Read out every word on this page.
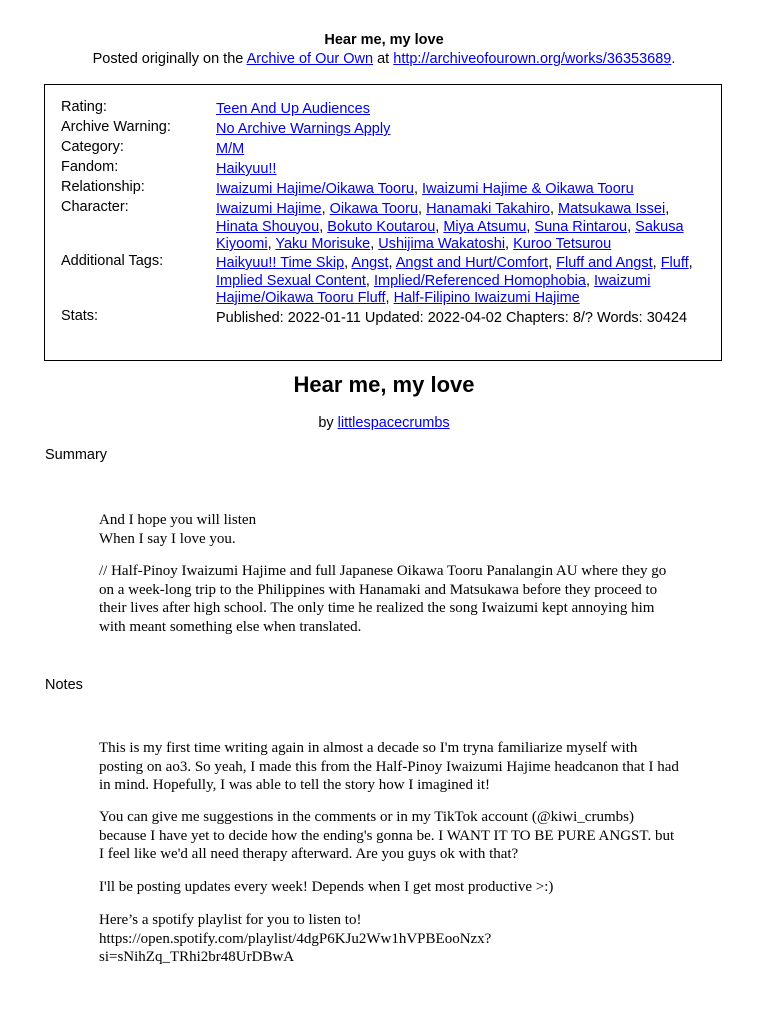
Hear me, my love
Posted originally on the Archive of Our Own at http://archiveofourown.org/works/36353689.
Rating:	Teen And Up Audiences
Archive Warning:	No Archive Warnings Apply
Category:	M/M
Fandom:	Haikyuu!!
Relationship:	Iwaizumi Hajime/Oikawa Tooru, Iwaizumi Hajime & Oikawa Tooru
Character:	Iwaizumi Hajime, Oikawa Tooru, Hanamaki Takahiro, Matsukawa Issei, Hinata Shouyou, Bokuto Koutarou, Miya Atsumu, Suna Rintarou, Sakusa Kiyoomi, Yaku Morisuke, Ushijima Wakatoshi, Kuroo Tetsurou
Additional Tags:	Haikyuu!! Time Skip, Angst, Angst and Hurt/Comfort, Fluff and Angst, Fluff, Implied Sexual Content, Implied/Referenced Homophobia, Iwaizumi Hajime/Oikawa Tooru Fluff, Half-Filipino Iwaizumi Hajime
Stats:	Published: 2022-01-11 Updated: 2022-04-02 Chapters: 8/? Words: 30424
Hear me, my love
by littlespacecrumbs
Summary

And I hope you will listen

When I say I love you.

// Half-Pinoy Iwaizumi Hajime and full Japanese Oikawa Tooru Panalangin AU where they go on a week-long trip to the Philippines with Hanamaki and Matsukawa before they proceed to their lives after high school. The only time he realized the song Iwaizumi kept annoying him with meant something else when translated.
Notes
This is my first time writing again in almost a decade so I'm tryna familiarize myself with posting on ao3. So yeah, I made this from the Half-Pinoy Iwaizumi Hajime headcanon that I had in mind. Hopefully, I was able to tell the story how I imagined it!
You can give me suggestions in the comments or in my TikTok account (@kiwi_crumbs) because I have yet to decide how the ending's gonna be. I WANT IT TO BE PURE ANGST. but I feel like we'd all need therapy afterward. Are you guys ok with that?
I'll be posting updates every week! Depends when I get most productive >:)

Here’s a spotify playlist for you to listen to!

https://open.spotify.com/playlist/4dgP6KJu2Ww1hVPBEooNzx?

si=sNihZq_TRhi2br48UrDBwA
